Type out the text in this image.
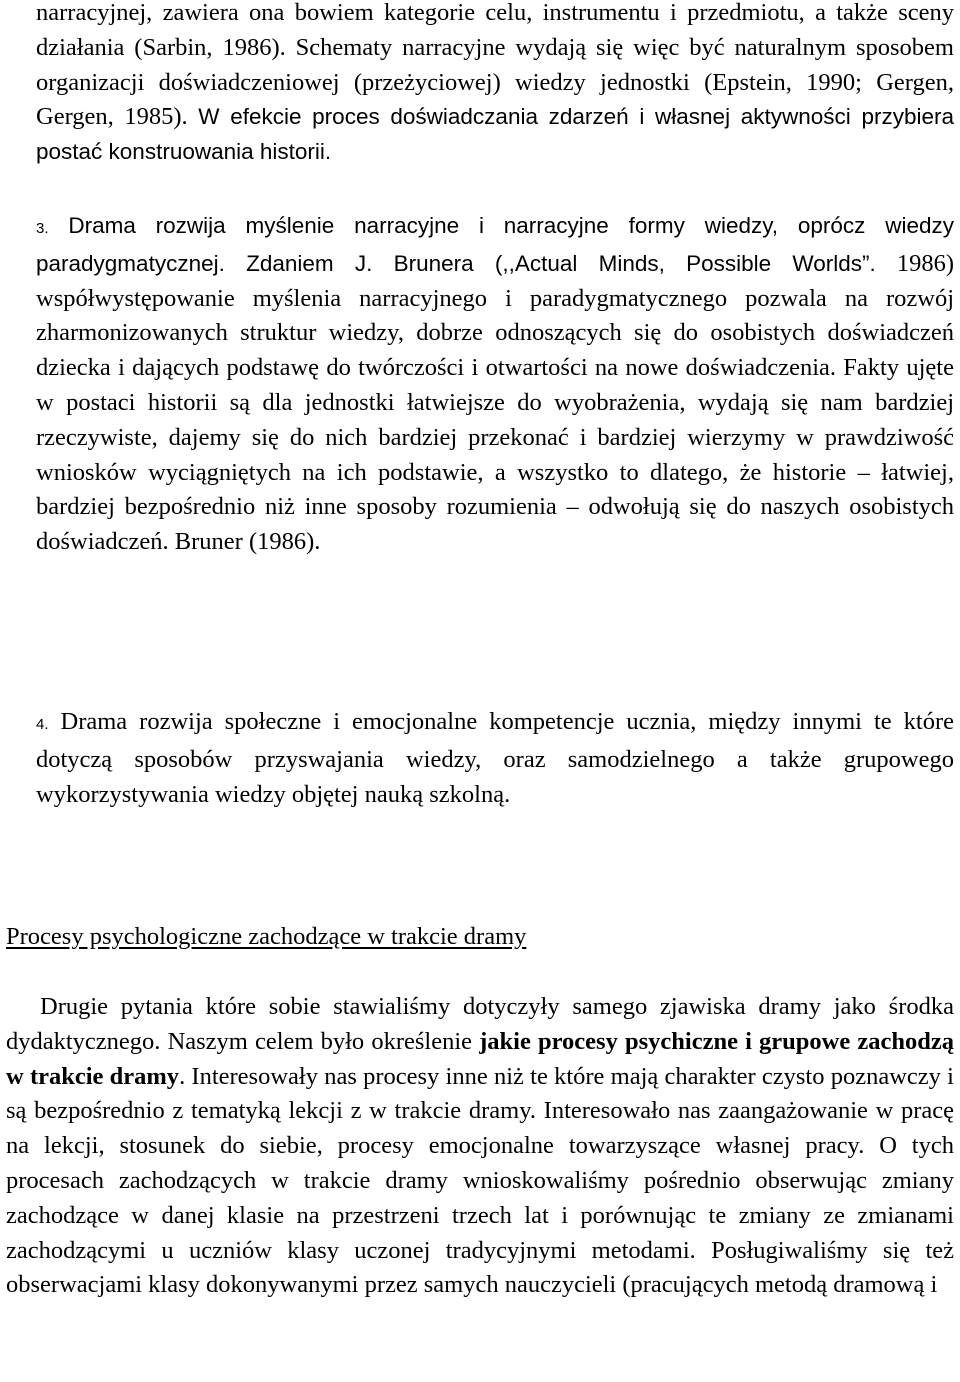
narracyjnej, zawiera ona bowiem kategorie celu, instrumentu i przedmiotu, a także sceny działania (Sarbin, 1986). Schematy narracyjne wydają się więc być naturalnym sposobem organizacji doświadczeniowej (przeżyciowej) wiedzy jednostki (Epstein, 1990; Gergen, Gergen, 1985). W efekcie proces doświadczania zdarzeń i własnej aktywności przybiera postać konstruowania historii.

3. Drama rozwija myślenie narracyjne i narracyjne formy wiedzy, oprócz wiedzy paradygmatycznej. Zdaniem J. Brunera (,,Actual Minds, Possible Worlds”. 1986) współwystępowanie myślenia narracyjnego i paradygmatycznego pozwala na rozwój zharmonizowanych struktur wiedzy, dobrze odnoszących się do osobistych doświadczeń dziecka i dających podstawę do twórczości i otwartości na nowe doświadczenia. Fakty ujęte w postaci historii są dla jednostki łatwiejsze do wyobrażenia, wydają się nam bardziej rzeczywiste, dajemy się do nich bardziej przekonać i bardziej wierzymy w prawdziwość wniosków wyciągniętych na ich podstawie, a wszystko to dlatego, że historie – łatwiej, bardziej bezpośrednio niż inne sposoby rozumienia – odwołują się do naszych osobistych doświadczeń. Bruner (1986).

4. Drama rozwija społeczne i emocjonalne kompetencje ucznia, między innymi te które dotyczą sposobów przyswajania wiedzy, oraz samodzielnego a także grupowego wykorzystywania wiedzy objętej nauką szkolną.

Procesy psychologiczne zachodzące w trakcie dramy

Drugie pytania które sobie stawialiśmy dotyczyły samego zjawiska dramy jako środka dydaktycznego. Naszym celem było określenie jakie procesy psychiczne i grupowe zachodzą w trakcie dramy. Interesowały nas procesy inne niż te które mają charakter czysto poznawczy i są bezpośrednio z tematyką lekcji z w trakcie dramy. Interesowało nas zaangażowanie w pracę na lekcji, stosunek do siebie, procesy emocjonalne towarzyszące własnej pracy. O tych procesach zachodzących w trakcie dramy wnioskowaliśmy pośrednio obserwując zmiany zachodzące w danej klasie na przestrzeni trzech lat i porównując te zmiany ze zmianami zachodzącymi u uczniów klasy uczonej tradycyjnymi metodami. Posługiwaliśmy się też obserwacjami klasy dokonywanymi przez samych nauczycieli (pracujących metodą dramową i
